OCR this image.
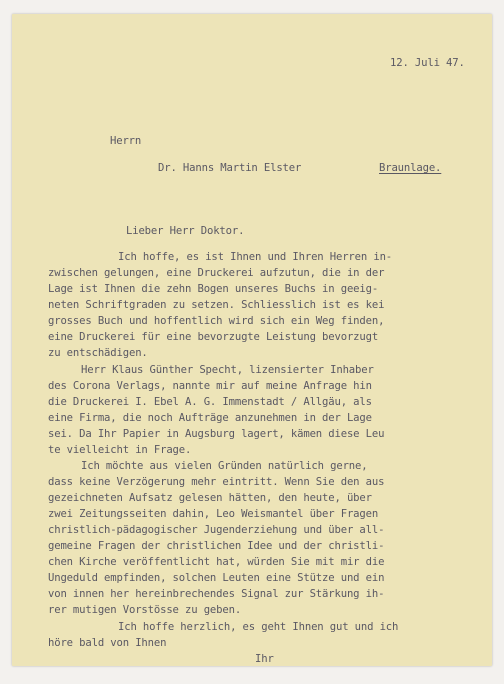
12. Juli 47.
Herrn
Dr. Hanns Martin Elster	Braunlage.
Lieber Herr Doktor.
Ich hoffe, es ist Ihnen und Ihren Herren in-
zwischen gelungen, eine Druckerei aufzutun, die in der
Lage ist Ihnen die zehn Bogen unseres Buchs in geeig-
neten Schriftgraden zu setzen. Schliesslich ist es kei
grosses Buch und hoffentlich wird sich ein Weg finden,
eine Druckerei für eine bevorzugte Leistung bevorzugt
zu entschädigen.
Herr Klaus Günther Specht, lizensierter Inhaber
des Corona Verlags, nannte mir auf meine Anfrage hin
die Druckerei I. Ebel A. G. Immenstadt / Allgäu, als
eine Firma, die noch Aufträge anzunehmen in der Lage
sei. Da Ihr Papier in Augsburg lagert, kämen diese Leu
te vielleicht in Frage.
Ich möchte aus vielen Gründen natürlich gerne,
dass keine Verzögerung mehr eintritt. Wenn Sie den aus
gezeichneten Aufsatz gelesen hätten, den heute, über
zwei Zeitungsseiten dahin, Leo Weismantel über Fragen
christlich-pädagogischer Jugenderziehung und über all-
gemeine Fragen der christlichen Idee und der christli-
chen Kirche veröffentlicht hat, würden Sie mit mir die
Ungeduld empfinden, solchen Leuten eine Stütze und ein
von innen her hereinbrechendes Signal zur Stärkung ih-
rer mutigen Vorstösse zu geben.
Ich hoffe herzlich, es geht Ihnen gut und ich
höre bald von Ihnen
Ihr
